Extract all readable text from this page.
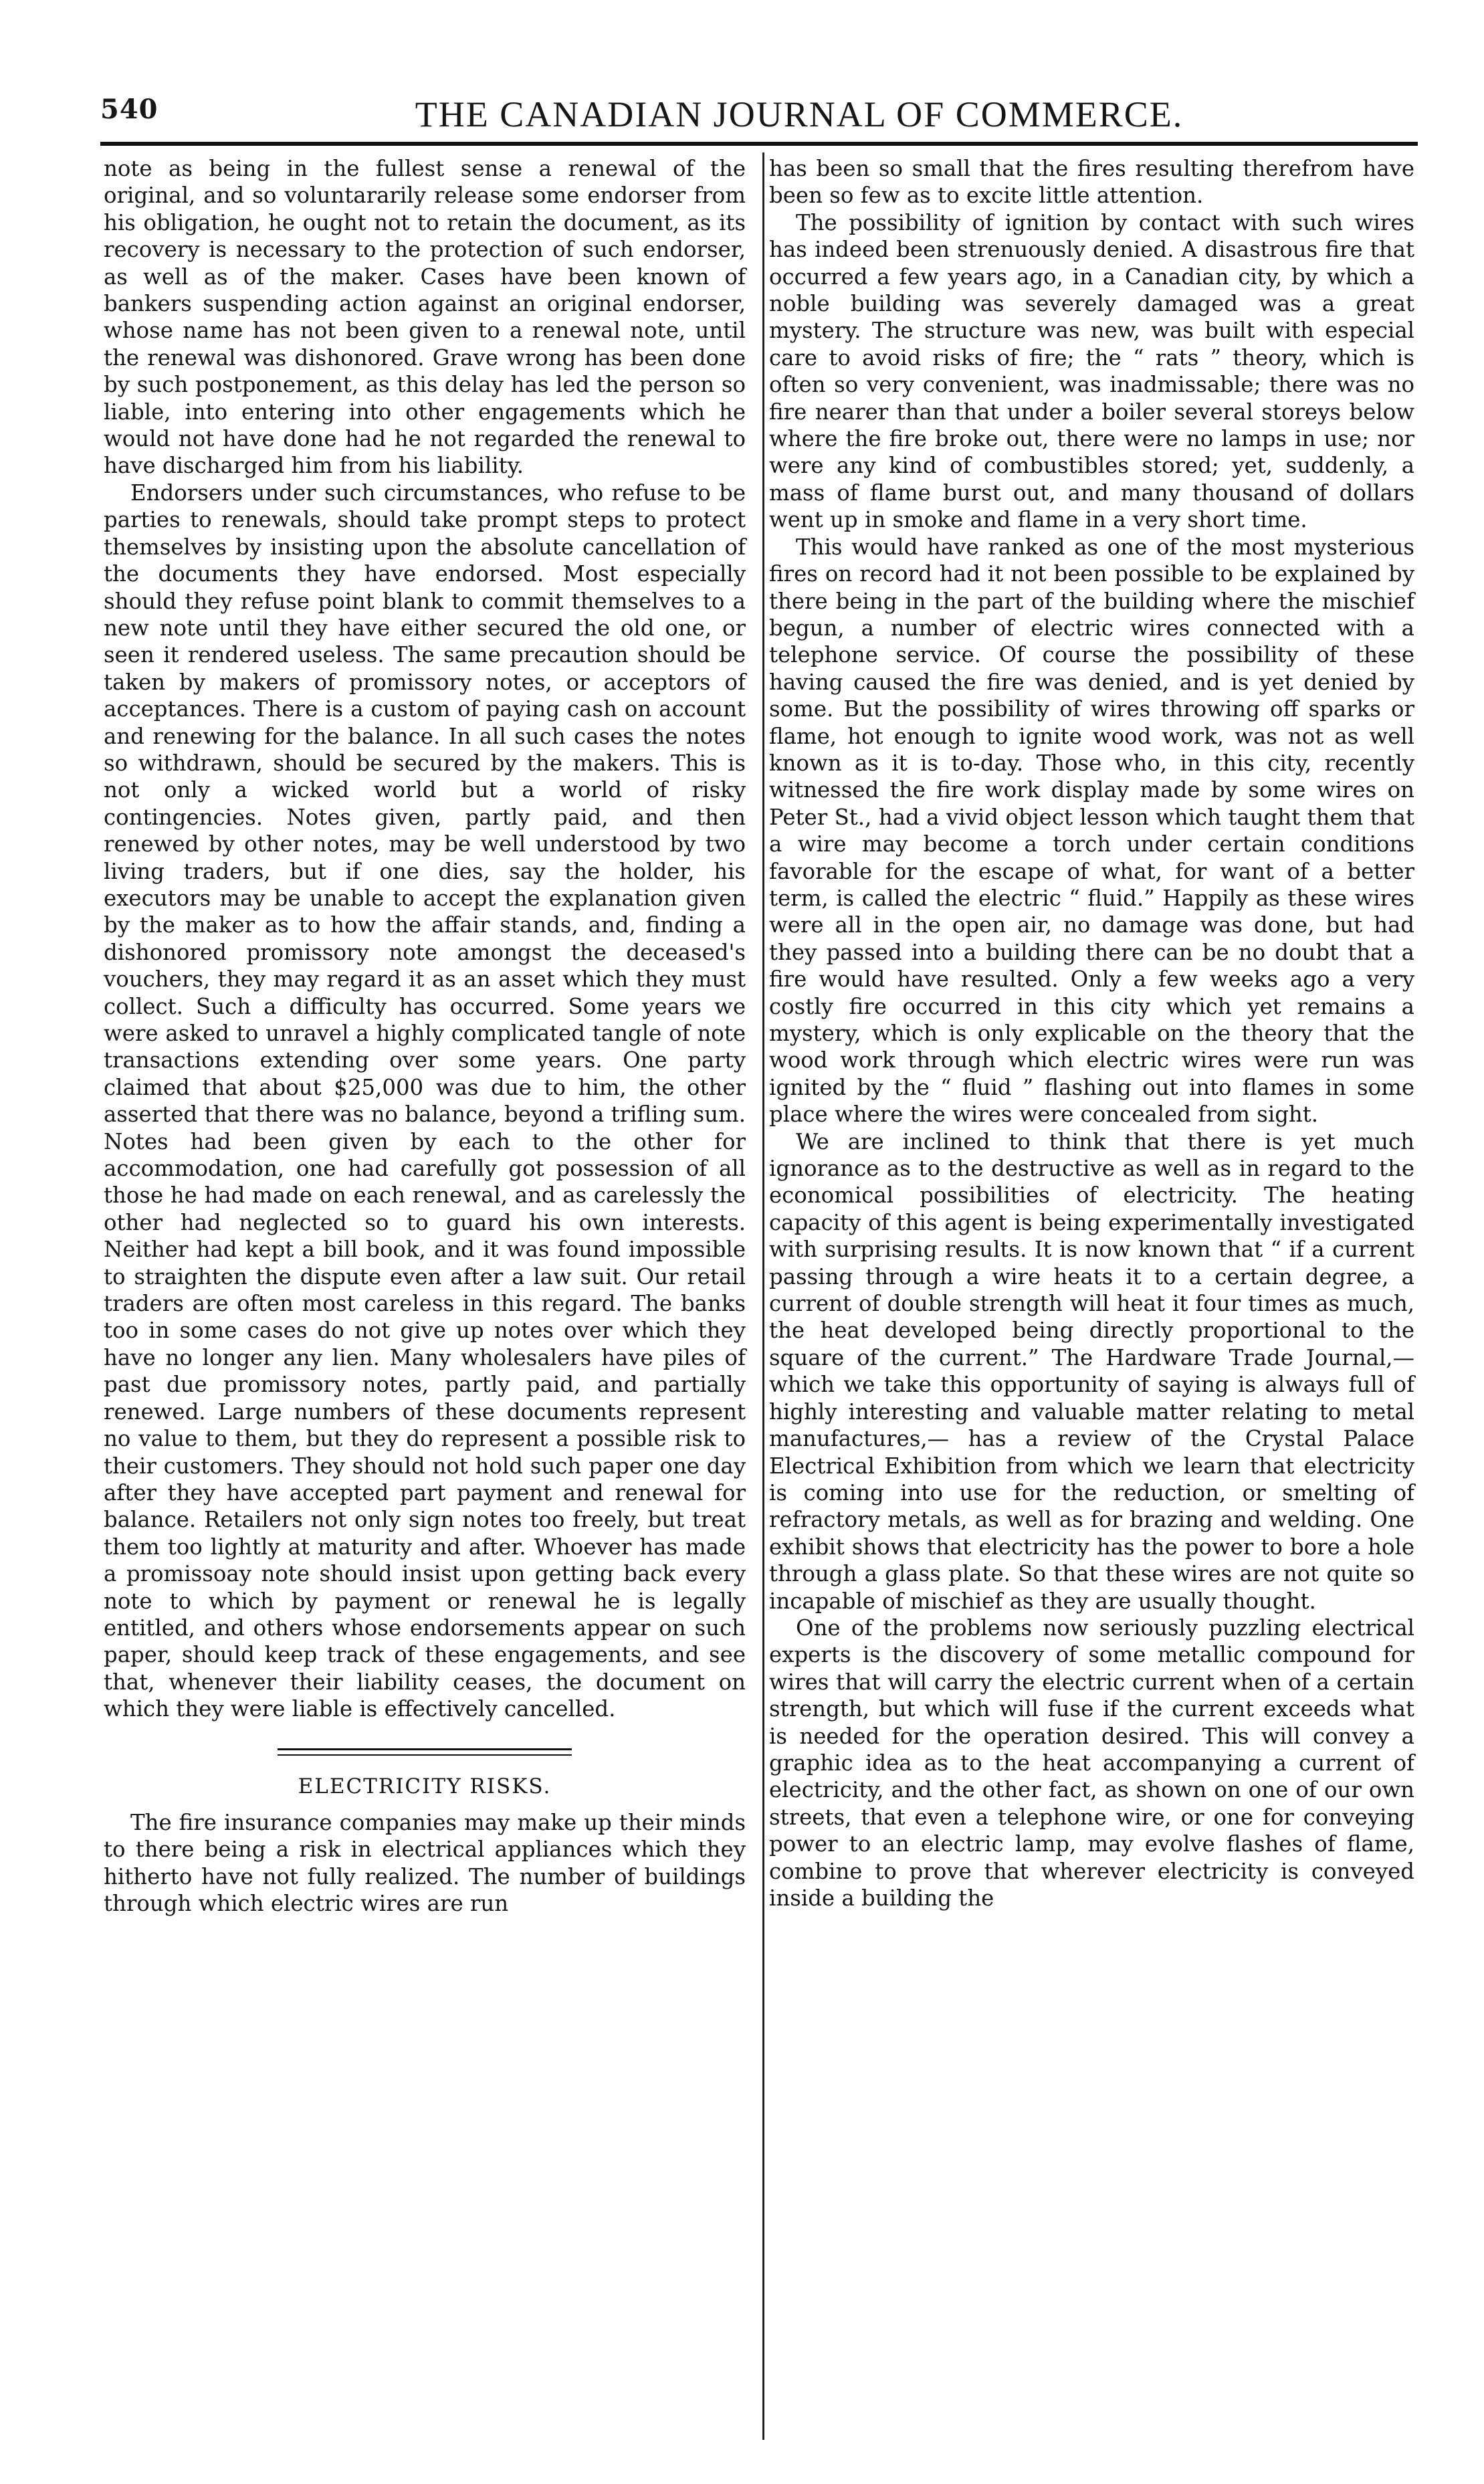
540	THE CANADIAN JOURNAL OF COMMERCE.

note as being in the fullest sense a renewal of the original, and so voluntararily release some endorser from his obligation, he ought not to retain the document, as its recovery is necessary to the protection of such endorser, as well as of the maker. Cases have been known of bankers suspending action against an original endorser, whose name has not been given to a renewal note, until the renewal was dishonored. Grave wrong has been done by such postponement, as this delay has led the person so liable, into entering into other engagements which he would not have done had he not regarded the renewal to have discharged him from his liability.

Endorsers under such circumstances, who refuse to be parties to renewals, should take prompt steps to protect themselves by insisting upon the absolute cancellation of the documents they have endorsed. Most especially should they refuse point blank to commit themselves to a new note until they have either secured the old one, or seen it rendered useless. The same precaution should be taken by makers of promissory notes, or acceptors of acceptances. There is a custom of paying cash on account and renewing for the balance. In all such cases the notes so withdrawn, should be secured by the makers. This is not only a wicked world but a world of risky contingencies. Notes given, partly paid, and then renewed by other notes, may be well understood by two living traders, but if one dies, say the holder, his executors may be unable to accept the explanation given by the maker as to how the affair stands, and, finding a dishonored promissory note amongst the deceased's vouchers, they may regard it as an asset which they must collect. Such a difficulty has occurred. Some years we were asked to unravel a highly complicated tangle of note transactions extending over some years. One party claimed that about $25,000 was due to him, the other asserted that there was no balance, beyond a trifling sum. Notes had been given by each to the other for accommodation, one had carefully got possession of all those he had made on each renewal, and as carelessly the other had neglected so to guard his own interests. Neither had kept a bill book, and it was found impossible to straighten the dispute even after a law suit. Our retail traders are often most careless in this regard. The banks too in some cases do not give up notes over which they have no longer any lien. Many wholesalers have piles of past due promissory notes, partly paid, and partially renewed. Large numbers of these documents represent no value to them, but they do represent a possible risk to their customers. They should not hold such paper one day after they have accepted part payment and renewal for balance. Retailers not only sign notes too freely, but treat them too lightly at maturity and after. Whoever has made a promissoay note should insist upon getting back every note to which by payment or renewal he is legally entitled, and others whose endorsements appear on such paper, should keep track of these engagements, and see that, whenever their liability ceases, the document on which they were liable is effectively cancelled.

ELECTRICITY RISKS.

The fire insurance companies may make up their minds to there being a risk in electrical appliances which they hitherto have not fully realized. The number of buildings through which electric wires are run

has been so small that the fires resulting therefrom have been so few as to excite little attention.

The possibility of ignition by contact with such wires has indeed been strenuously denied. A disastrous fire that occurred a few years ago, in a Canadian city, by which a noble building was severely damaged was a great mystery. The structure was new, was built with especial care to avoid risks of fire; the “ rats ” theory, which is often so very convenient, was inadmissable; there was no fire nearer than that under a boiler several storeys below where the fire broke out, there were no lamps in use; nor were any kind of combustibles stored; yet, suddenly, a mass of flame burst out, and many thousand of dollars went up in smoke and flame in a very short time.

This would have ranked as one of the most mysterious fires on record had it not been possible to be explained by there being in the part of the building where the mischief begun, a number of electric wires connected with a telephone service. Of course the possibility of these having caused the fire was denied, and is yet denied by some. But the possibility of wires throwing off sparks or flame, hot enough to ignite wood work, was not as well known as it is to-day. Those who, in this city, recently witnessed the fire work display made by some wires on Peter St., had a vivid object lesson which taught them that a wire may become a torch under certain conditions favorable for the escape of what, for want of a better term, is called the electric “ fluid.” Happily as these wires were all in the open air, no damage was done, but had they passed into a building there can be no doubt that a fire would have resulted. Only a few weeks ago a very costly fire occurred in this city which yet remains a mystery, which is only explicable on the theory that the wood work through which electric wires were run was ignited by the “ fluid ” flashing out into flames in some place where the wires were concealed from sight.

We are inclined to think that there is yet much ignorance as to the destructive as well as in regard to the economical possibilities of electricity. The heating capacity of this agent is being experimentally investigated with surprising results. It is now known that “ if a current passing through a wire heats it to a certain degree, a current of double strength will heat it four times as much, the heat developed being directly proportional to the square of the current.” The Hardware Trade Journal,—which we take this opportunity of saying is always full of highly interesting and valuable matter relating to metal manufactures,— has a review of the Crystal Palace Electrical Exhibition from which we learn that electricity is coming into use for the reduction, or smelting of refractory metals, as well as for brazing and welding. One exhibit shows that electricity has the power to bore a hole through a glass plate. So that these wires are not quite so incapable of mischief as they are usually thought.

One of the problems now seriously puzzling electrical experts is the discovery of some metallic compound for wires that will carry the electric current when of a certain strength, but which will fuse if the current exceeds what is needed for the operation desired. This will convey a graphic idea as to the heat accompanying a current of electricity, and the other fact, as shown on one of our own streets, that even a telephone wire, or one for conveying power to an electric lamp, may evolve flashes of flame, combine to prove that wherever electricity is conveyed inside a building the
